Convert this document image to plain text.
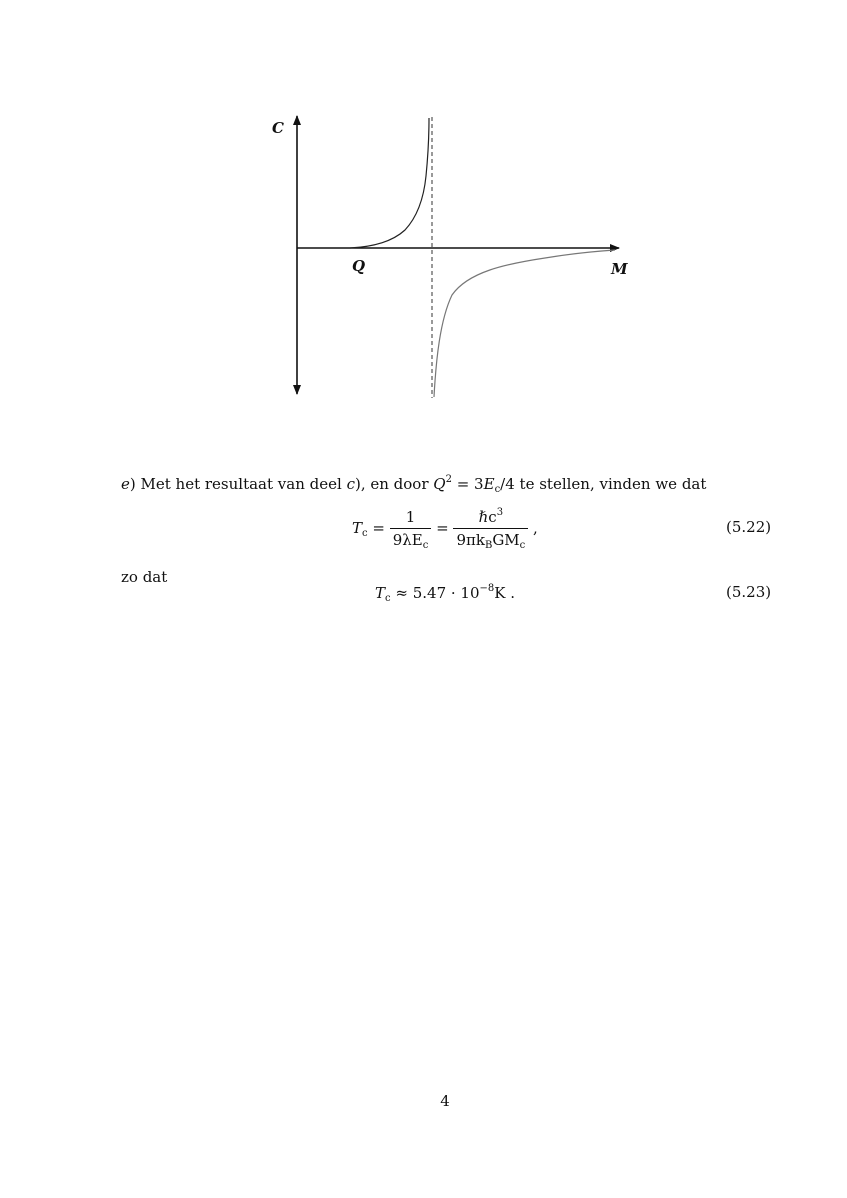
C
M
Q
e) Met het resultaat van deel c), en door $Q^2 = 3E_c/4$ te stellen, vinden we dat
$T_c = \frac{1}{9\lambda E_c} = \frac{\hbar c^3}{9\pi k_BGM_c}$ ,	(5.22)
zo dat
$T_c \approx 5.47 \cdot 10^{-8}K$ .	(5.23)
4
